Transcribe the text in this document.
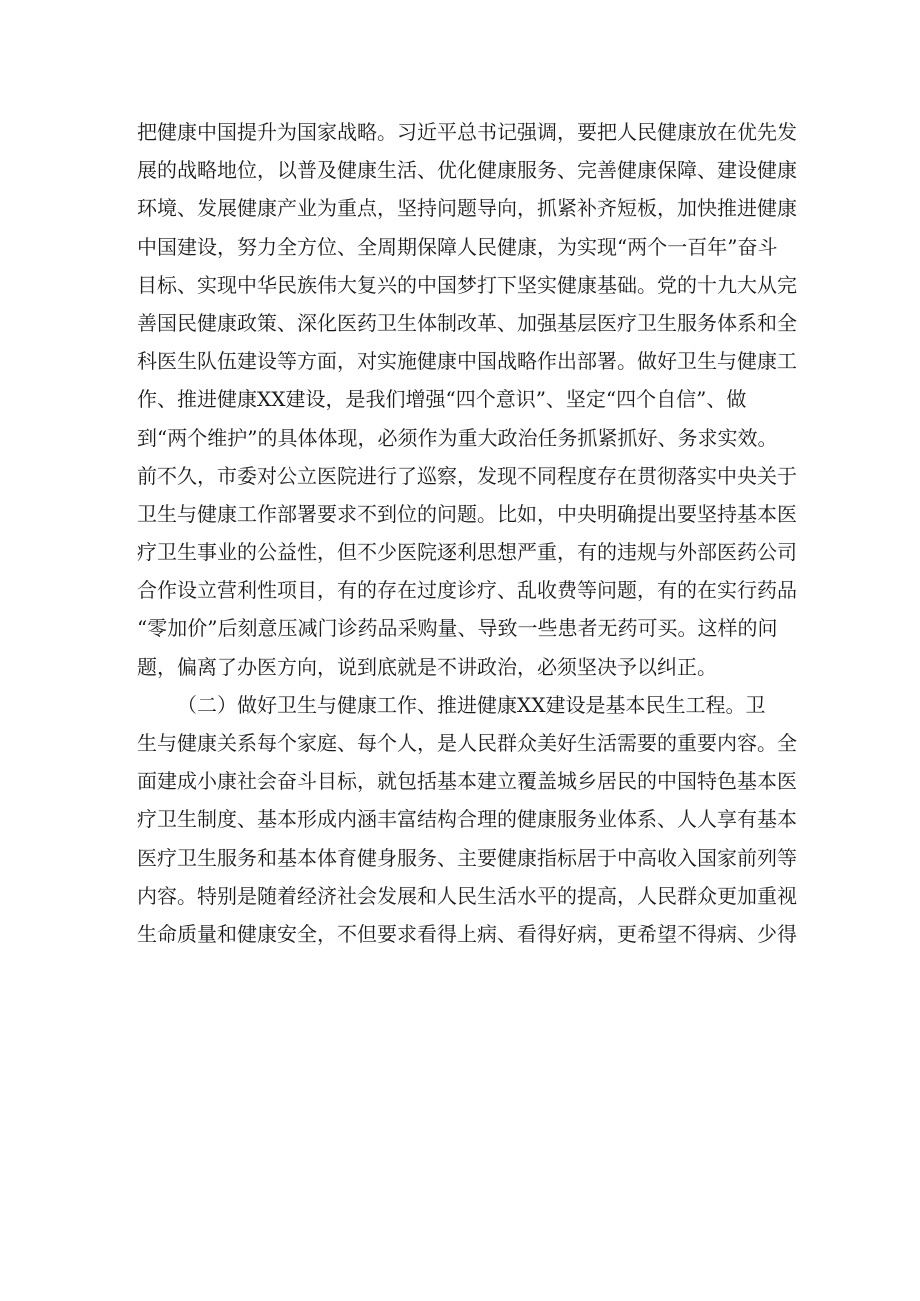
把健康中国提升为国家战略。习近平总书记强调，要把人民健康放在优先发
展的战略地位，以普及健康生活、优化健康服务、完善健康保障、建设健康
环境、发展健康产业为重点，坚持问题导向，抓紧补齐短板，加快推进健康
中国建设，努力全方位、全周期保障人民健康，为实现“两个一百年”奋斗
目标、实现中华民族伟大复兴的中国梦打下坚实健康基础。党的十九大从完
善国民健康政策、深化医药卫生体制改革、加强基层医疗卫生服务体系和全
科医生队伍建设等方面，对实施健康中国战略作出部署。做好卫生与健康工
作、推进健康XX建设，是我们增强“四个意识”、坚定“四个自信”、做
到“两个维护”的具体体现，必须作为重大政治任务抓紧抓好、务求实效。
前不久，市委对公立医院进行了巡察，发现不同程度存在贯彻落实中央关于
卫生与健康工作部署要求不到位的问题。比如，中央明确提出要坚持基本医
疗卫生事业的公益性，但不少医院逐利思想严重，有的违规与外部医药公司
合作设立营利性项目，有的存在过度诊疗、乱收费等问题，有的在实行药品
“零加价”后刻意压减门诊药品采购量、导致一些患者无药可买。这样的问
题，偏离了办医方向，说到底就是不讲政治，必须坚决予以纠正。
（二）做好卫生与健康工作、推进健康XX建设是基本民生工程。卫
生与健康关系每个家庭、每个人，是人民群众美好生活需要的重要内容。全
面建成小康社会奋斗目标，就包括基本建立覆盖城乡居民的中国特色基本医
疗卫生制度、基本形成内涵丰富结构合理的健康服务业体系、人人享有基本
医疗卫生服务和基本体育健身服务、主要健康指标居于中高收入国家前列等
内容。特别是随着经济社会发展和人民生活水平的提高，人民群众更加重视
生命质量和健康安全，不但要求看得上病、看得好病，更希望不得病、少得
